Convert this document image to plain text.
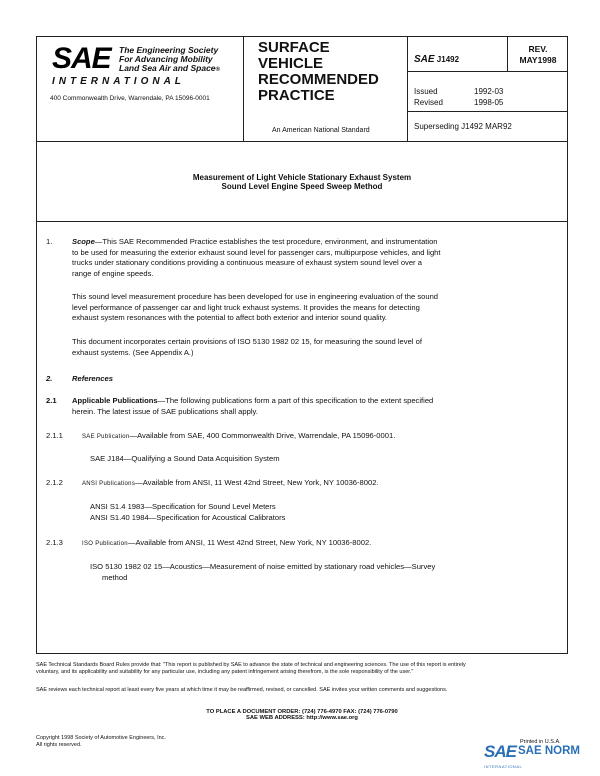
SAE The Engineering Society
For Advancing Mobility
Land Sea Air and Space®
INTERNATIONAL
400 Commonwealth Drive, Warrendale, PA 15096-0001
SURFACE
VEHICLE
RECOMMENDED
PRACTICE
An American National Standard
SAE J1492
REV.
MAY1998
Issued	1992-03
Revised	1998-05
Superseding J1492 MAR92
Measurement of Light Vehicle Stationary Exhaust System
Sound Level Engine Speed Sweep Method
1.	Scope—This SAE Recommended Practice establishes the test procedure, environment, and instrumentation
to be used for measuring the exterior exhaust sound level for passenger cars, multipurpose vehicles, and light
trucks under stationary conditions providing a continuous measure of exhaust system sound level over a
range of engine speeds.
This sound level measurement procedure has been developed for use in engineering evaluation of the sound
level performance of passenger car and light truck exhaust systems. It provides the means for detecting
exhaust system resonances with the potential to affect both exterior and interior sound quality.
This document incorporates certain provisions of ISO 5130 1982 02 15, for measuring the sound level of
exhaust systems. (See Appendix A.)
2.	References
2.1 Applicable Publications—The following publications form a part of this specification to the extent specified
herein. The latest issue of SAE publications shall apply.
2.1.1	SAE Publication—Available from SAE, 400 Commonwealth Drive, Warrendale, PA 15096-0001.
SAE J184—Qualifying a Sound Data Acquisition System
2.1.2	ANSI Publications—Available from ANSI, 11 West 42nd Street, New York, NY 10036-8002.
ANSI S1.4 1983—Specification for Sound Level Meters
ANSI S1.40 1984—Specification for Acoustical Calibrators
2.1.3	ISO Publication—Available from ANSI, 11 West 42nd Street, New York, NY 10036-8002.
ISO 5130 1982 02 15—Acoustics—Measurement of noise emitted by stationary road vehicles—Survey
method
SAE Technical Standards Board Rules provide that: "This report is published by SAE to advance the state of technical and engineering sciences. The use of this report is entirely
voluntary, and its applicability and suitability for any particular use, including any patent infringement arising therefrom, is the sole responsibility of the user."
SAE reviews each technical report at least every five years at which time it may be reaffirmed, revised, or cancelled. SAE invites your written comments and suggestions.
TO PLACE A DOCUMENT ORDER: (724) 776-4970 FAX: (724) 776-0790
SAE WEB ADDRESS: http://www.sae.org
Copyright 1998 Society of Automotive Engineers, Inc.
All rights reserved.	Printed in U.S.A.
SAE SAE NORM
INTERNATIONAL
